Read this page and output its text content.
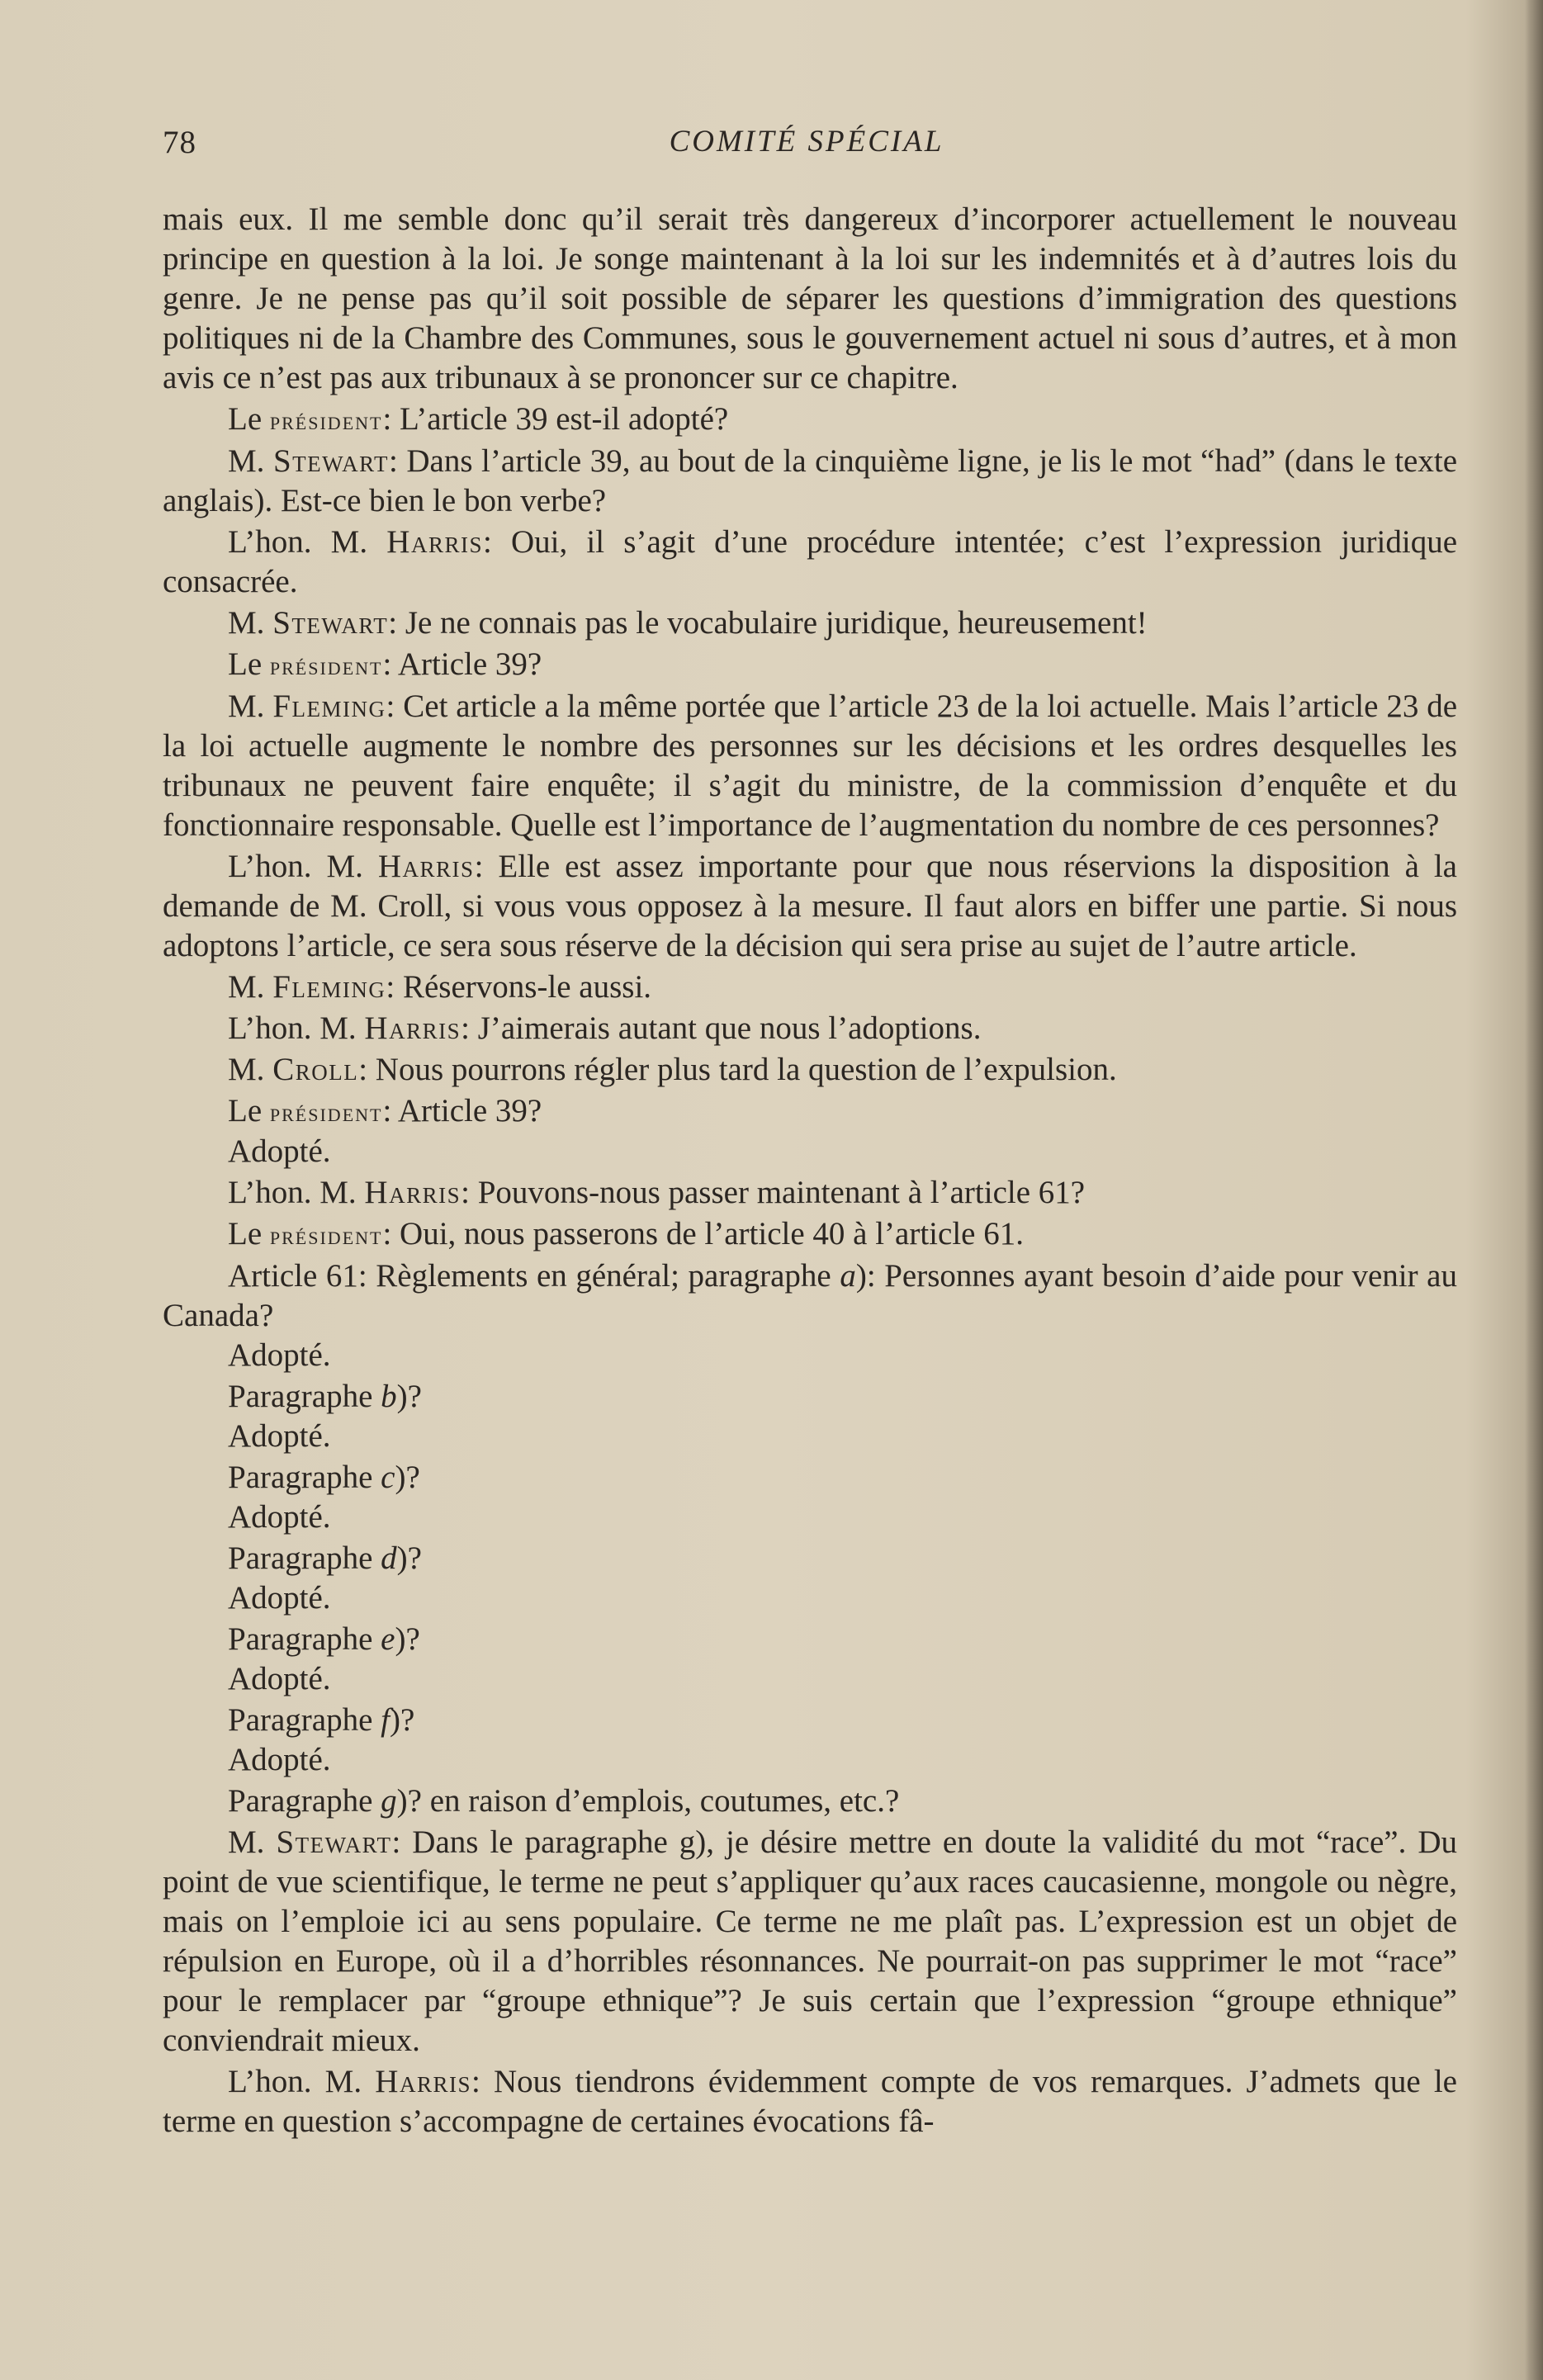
78	COMITÉ SPÉCIAL

mais eux. Il me semble donc qu’il serait très dangereux d’incorporer actuellement le nouveau principe en question à la loi. Je songe maintenant à la loi sur les indemnités et à d’autres lois du genre. Je ne pense pas qu’il soit possible de séparer les questions d’immigration des questions politiques ni de la Chambre des Communes, sous le gouvernement actuel ni sous d’autres, et à mon avis ce n’est pas aux tribunaux à se prononcer sur ce chapitre.

Le président: L’article 39 est-il adopté?

M. Stewart: Dans l’article 39, au bout de la cinquième ligne, je lis le mot “had” (dans le texte anglais). Est-ce bien le bon verbe?

L’hon. M. Harris: Oui, il s’agit d’une procédure intentée; c’est l’expression juridique consacrée.

M. Stewart: Je ne connais pas le vocabulaire juridique, heureusement!

Le président: Article 39?

M. Fleming: Cet article a la même portée que l’article 23 de la loi actuelle. Mais l’article 23 de la loi actuelle augmente le nombre des personnes sur les décisions et les ordres desquelles les tribunaux ne peuvent faire enquête; il s’agit du ministre, de la commission d’enquête et du fonctionnaire responsable. Quelle est l’importance de l’augmentation du nombre de ces personnes?

L’hon. M. Harris: Elle est assez importante pour que nous réservions la disposition à la demande de M. Croll, si vous vous opposez à la mesure. Il faut alors en biffer une partie. Si nous adoptons l’article, ce sera sous réserve de la décision qui sera prise au sujet de l’autre article.

M. Fleming: Réservons-le aussi.

L’hon. M. Harris: J’aimerais autant que nous l’adoptions.

M. Croll: Nous pourrons régler plus tard la question de l’expulsion.

Le président: Article 39?

Adopté.

L’hon. M. Harris: Pouvons-nous passer maintenant à l’article 61?

Le président: Oui, nous passerons de l’article 40 à l’article 61.

Article 61: Règlements en général; paragraphe a): Personnes ayant besoin d’aide pour venir au Canada?

Adopté.

Paragraphe b)?

Adopté.

Paragraphe c)?

Adopté.

Paragraphe d)?

Adopté.

Paragraphe e)?

Adopté.

Paragraphe f)?

Adopté.

Paragraphe g)? en raison d’emplois, coutumes, etc.?

M. Stewart: Dans le paragraphe g), je désire mettre en doute la validité du mot “race”. Du point de vue scientifique, le terme ne peut s’appliquer qu’aux races caucasienne, mongole ou nègre, mais on l’emploie ici au sens populaire. Ce terme ne me plaît pas. L’expression est un objet de répulsion en Europe, où il a d’horribles résonnances. Ne pourrait-on pas supprimer le mot “race” pour le remplacer par “groupe ethnique”? Je suis certain que l’expression “groupe ethnique” conviendrait mieux.

L’hon. M. Harris: Nous tiendrons évidemment compte de vos remarques. J’admets que le terme en question s’accompagne de certaines évocations fâ-
